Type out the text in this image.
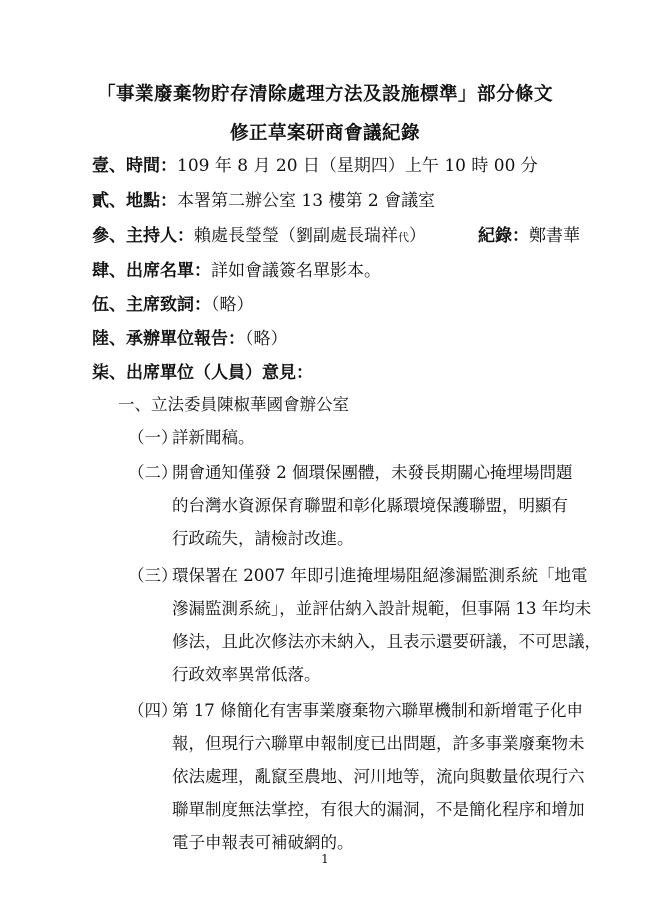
「事業廢棄物貯存清除處理方法及設施標準」部分條文
修正草案研商會議紀錄
壹、時間：109 年 8 月 20 日（星期四）上午 10 時 00 分
貳、地點：本署第二辦公室 13 樓第 2 會議室
參、主持人：賴處長瑩瑩（劉副處長瑞祥代）	紀錄：鄭書華
肆、出席名單：詳如會議簽名單影本。
伍、主席致詞：（略）
陸、承辦單位報告：（略）
柒、出席單位（人員）意見：
一、立法委員陳椒華國會辦公室
（一）
詳新聞稿。
（二）
開會通知僅發 2 個環保團體，未發長期關心掩埋場問題
的台灣水資源保育聯盟和彰化縣環境保護聯盟，明顯有
行政疏失，請檢討改進。
（三）
環保署在 2007 年即引進掩埋場阻絕滲漏監測系統「地電
滲漏監測系統」，並評估納入設計規範，但事隔 13 年均未
修法，且此次修法亦未納入，且表示還要研議，不可思議，
行政效率異常低落。
（四）
第 17 條簡化有害事業廢棄物六聯單機制和新增電子化申
報，但現行六聯單申報制度已出問題，許多事業廢棄物未
依法處理，亂竄至農地、河川地等，流向與數量依現行六
聯單制度無法掌控，有很大的漏洞，不是簡化程序和增加
電子申報表可補破網的。
1
